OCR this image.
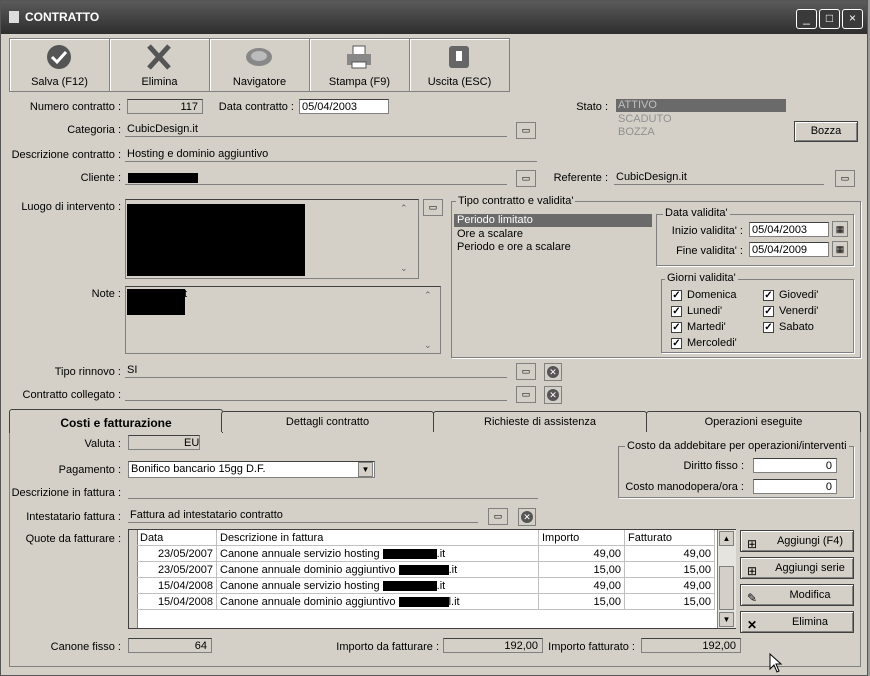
CONTRATTO	_	□	×
Salva (F12)	Elimina	Navigatore	Stampa (F9)	Uscita (ESC)
Numero contratto :	117	Data contratto : 05/04/2003	Stato : ATTIVO
SCADUTO
BOZZA	Bozza
Categoria : CubicDesign.it	▭
Descrizione contratto : Hosting e dominio aggiuntivo
Cliente :	▭	Referente : CubicDesign.it	▭
Luogo di intervento :	⌃
⌄
▭
Note :	t	⌃
⌄
Tipo contratto e validita'
Periodo limitato
Ore a scalare
Periodo e ore a scalare
Data validita'
Inizio validita' : 05/04/2003	▦
Fine validita' : 05/04/2009	▦
Giorni validita'
✓ Domenica
✓ Lunedi'
✓ Martedi'
✓ Mercoledi'
✓ Giovedi'
✓ Venerdi'
✓ Sabato
Tipo rinnovo : SI	▭	✕
Contratto collegato :	▭	✕
Costi e fatturazione	Dettagli contratto	Richieste di assistenza	Operazioni eseguite
Valuta :	EU
Pagamento : Bonifico bancario 15gg D.F.	▼
Descrizione in fattura :
Intestatario fattura : Fattura ad intestatario contratto	▭	✕
Quote da fatturare :
Costo da addebitare per operazioni/interventi
Diritto fisso :	0
Costo manodopera/ora :	0
Data	Descrizione in fattura	Importo	Fatturato
23/05/2007 Canone annuale servizio hosting	.it	49,00	49,00
23/05/2007 Canone annuale dominio aggiuntivo	.it	15,00	15,00
15/04/2008 Canone annuale servizio hosting	.it	49,00	49,00
15/04/2008 Canone annuale dominio aggiuntivo	l.it	15,00	15,00
▲
▼
⊞ Aggiungi (F4)
⊞ Aggiungi serie
✎	Modifica
✕	Elimina
Canone fisso :	64	Importo da fatturare :	192,00 Importo fatturato :	192,00
